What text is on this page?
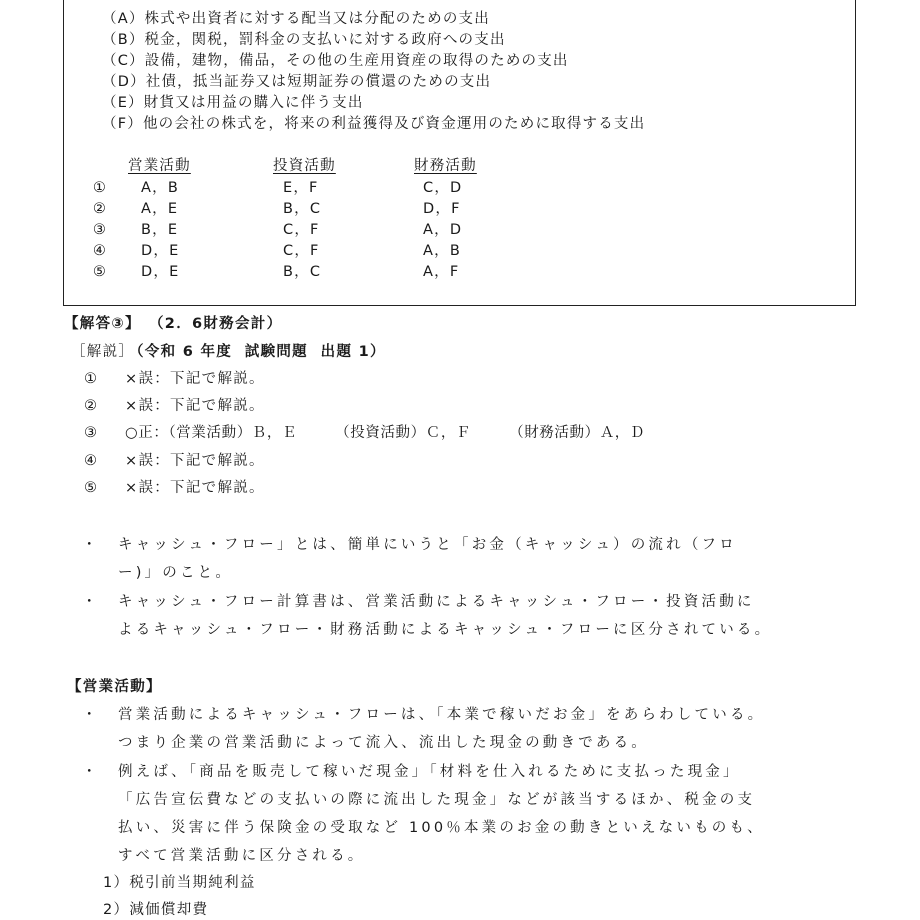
（A）株式や出資者に対する配当又は分配のための支出
（B）税金，関税，罰科金の支払いに対する政府への支出
（C）設備，建物，備品，その他の生産用資産の取得のための支出
（D）社債，抵当証券又は短期証券の償還のための支出
（E）財貨又は用益の購入に伴う支出
（F）他の会社の株式を，将来の利益獲得及び資金運用のために取得する支出
営業活動	投資活動	財務活動
①	A，B	E，F	C，D
②	A，E	B，C	D，F
③	B，E	C，F	A，D
④	D，E	C，F	A，B
⑤	D，E	B，C	A，F
【解答③】 （2．6財務会計）
［解説］
（令和 6 年度  試験問題  出題 1）
① ×誤：下記で解説。
② ×誤：下記で解説。
③ ○正：（営業活動）Ｂ，Ｅ　　　（投資活動）Ｃ，Ｆ　　　（財務活動）Ａ，Ｄ
④ ×誤：下記で解説。
⑤ ×誤：下記で解説。
・ キャッシュ・フロー」とは、簡単にいうと「お金（キャッシュ）の流れ（フロ
ー)」のこと。
・ キャッシュ・フロー計算書は、営業活動によるキャッシュ・フロー・投資活動に
よるキャッシュ・フロー・財務活動によるキャッシュ・フローに区分されている。
【営業活動】
・ 営業活動によるキャッシュ・フローは、「本業で稼いだお金」をあらわしている。
つまり企業の営業活動によって流入、流出した現金の動きである。
・ 例えば、「商品を販売して稼いだ現金」「材料を仕入れるために支払った現金」
「広告宣伝費などの支払いの際に流出した現金」などが該当するほか、税金の支
払い、災害に伴う保険金の受取など 100％本業のお金の動きといえないものも、
すべて営業活動に区分される。
1）税引前当期純利益
2）減価償却費
